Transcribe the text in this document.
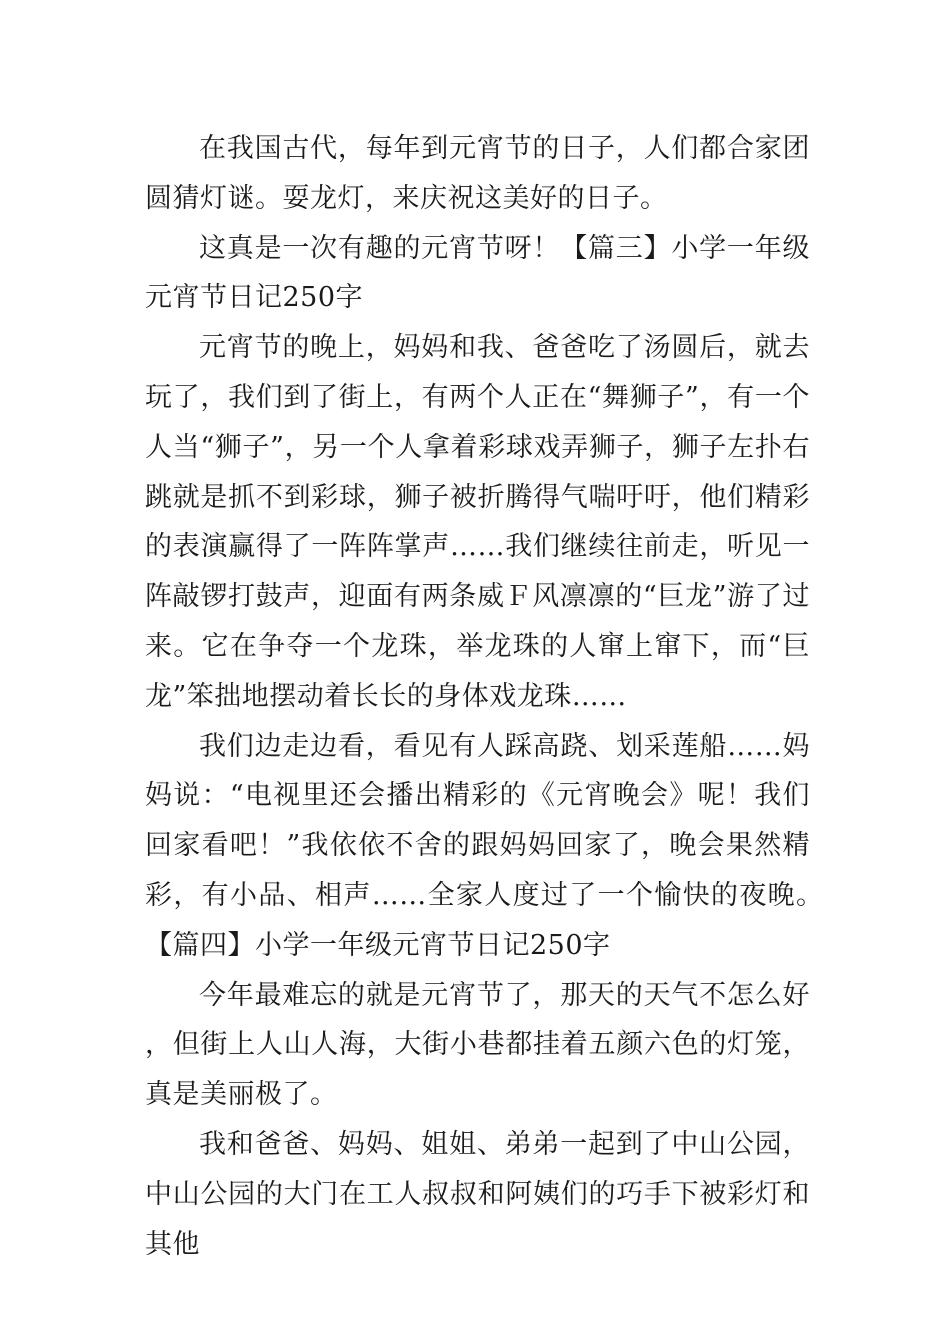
在我国古代，每年到元宵节的日子，人们都合家团圆猜灯谜。耍龙灯，来庆祝这美好的日子。

这真是一次有趣的元宵节呀！【篇三】小学一年级元宵节日记250字

元宵节的晚上，妈妈和我、爸爸吃了汤圆后，就去玩了，我们到了街上，有两个人正在“舞狮子”，有一个人当“狮子”，另一个人拿着彩球戏弄狮子，狮子左扑右跳就是抓不到彩球，狮子被折腾得气喘吁吁，他们精彩的表演赢得了一阵阵掌声……我们继续往前走，听见一阵敲锣打鼓声，迎面有两条威Ｆ风凛凛的“巨龙”游了过来。它在争夺一个龙珠，举龙珠的人窜上窜下，而“巨龙”笨拙地摆动着长长的身体戏龙珠……

我们边走边看，看见有人踩高跷、划采莲船……妈妈说：“电视里还会播出精彩的《元宵晚会》呢！我们回家看吧！”我依依不舍的跟妈妈回家了，晚会果然精彩，有小品、相声……全家人度过了一个愉快的夜晚。　【篇四】小学一年级元宵节日记250字

今年最难忘的就是元宵节了，那天的天气不怎么好，但街上人山人海，大街小巷都挂着五颜六色的灯笼，真是美丽极了。

我和爸爸、妈妈、姐姐、弟弟一起到了中山公园，中山公园的大门在工人叔叔和阿姨们的巧手下被彩灯和其他
